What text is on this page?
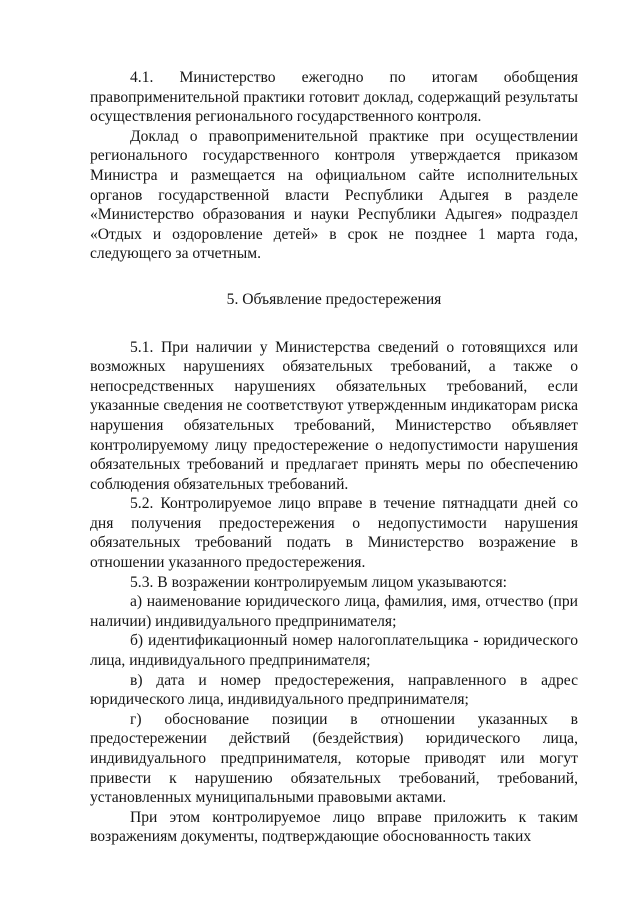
4.1. Министерство ежегодно по итогам обобщения правоприменительной практики готовит доклад, содержащий результаты осуществления регионального государственного контроля.

Доклад о правоприменительной практике при осуществлении регионального государственного контроля утверждается приказом Министра и размещается на официальном сайте исполнительных органов государственной власти Республики Адыгея в разделе «Министерство образования и науки Республики Адыгея» подраздел «Отдых и оздоровление детей» в срок не позднее 1 марта года, следующего за отчетным.

5. Объявление предостережения

5.1. При наличии у Министерства сведений о готовящихся или возможных нарушениях обязательных требований, а также о непосредственных нарушениях обязательных требований, если указанные сведения не соответствуют утвержденным индикаторам риска нарушения обязательных требований, Министерство объявляет контролируемому лицу предостережение о недопустимости нарушения обязательных требований и предлагает принять меры по обеспечению соблюдения обязательных требований.

5.2. Контролируемое лицо вправе в течение пятнадцати дней со дня получения предостережения о недопустимости нарушения обязательных требований подать в Министерство возражение в отношении указанного предостережения.

5.3. В возражении контролируемым лицом указываются:

а) наименование юридического лица, фамилия, имя, отчество (при наличии) индивидуального предпринимателя;

б) идентификационный номер налогоплательщика - юридического лица, индивидуального предпринимателя;

в) дата и номер предостережения, направленного в адрес юридического лица, индивидуального предпринимателя;

г) обоснование позиции в отношении указанных в предостережении действий (бездействия) юридического лица, индивидуального предпринимателя, которые приводят или могут привести к нарушению обязательных требований, требований, установленных муниципальными правовыми актами.

При этом контролируемое лицо вправе приложить к таким возражениям документы, подтверждающие обоснованность таких
